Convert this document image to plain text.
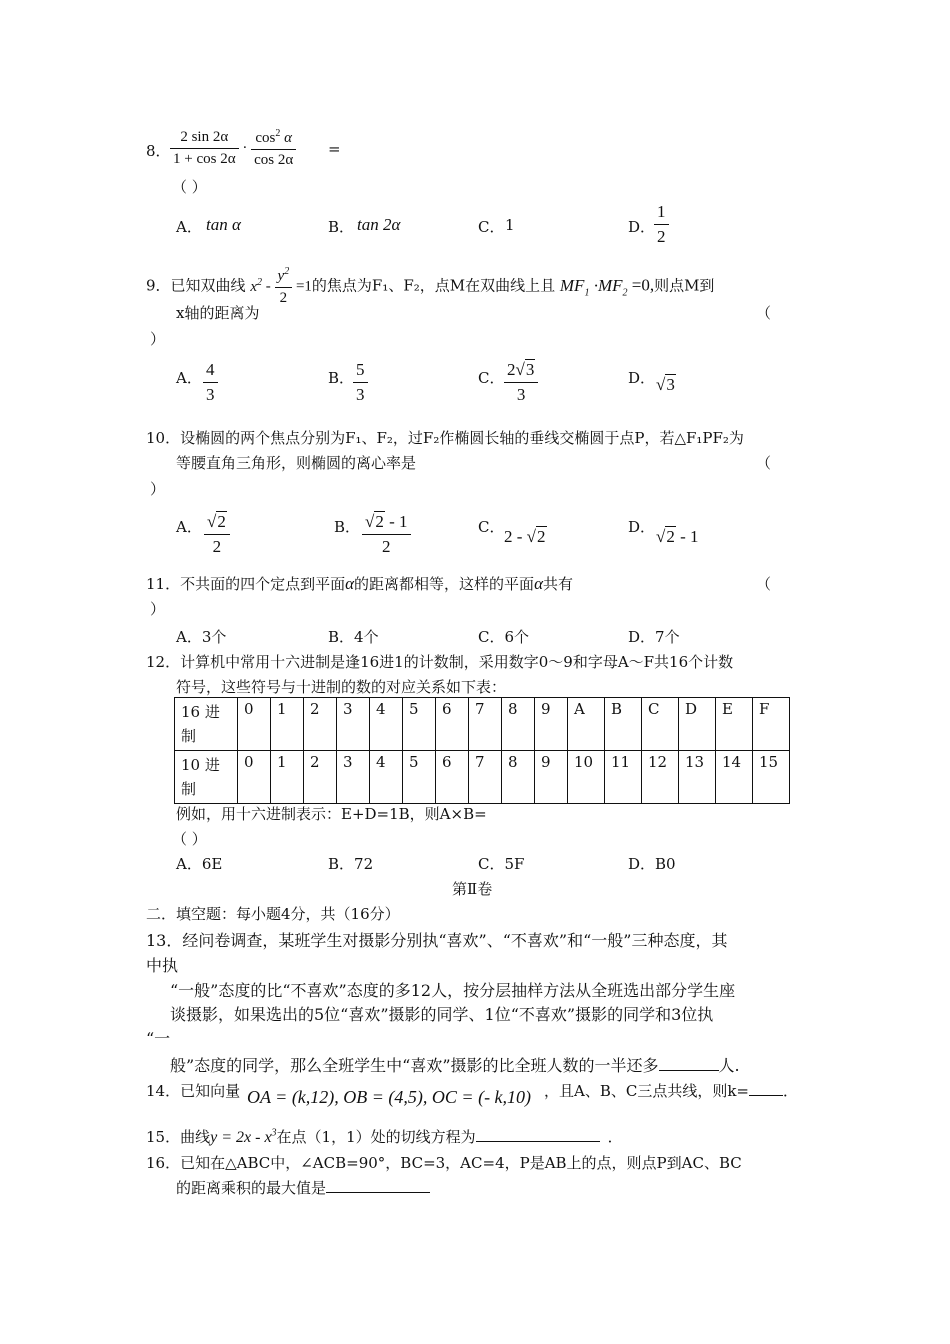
8． $\frac{2 \sin 2\alpha}{1 + \cos 2\alpha} \cdot \frac{\cos^2 \alpha}{\cos 2\alpha}$ =
（ ）
A． tan α	B． tan 2α	C． 1	D．
$\frac{1}{2}$
9．已知双曲线 $x^2 - \frac{y^2}{2} =1$的焦点为F₁、F₂，点M在双曲线上且 $MF_1 \cdot MF_2 =0$,则点M到
x轴的距离为	（
）
A． $\frac{4}{3}$	B．
$\frac{5}{3}$	C． $\frac{2√3}{3}$	D． √3
10．设椭圆的两个焦点分别为F₁、F₂，过F₂作椭圆长轴的垂线交椭圆于点P，若△F₁PF₂为
等腰直角三角形，则椭圆的离心率是	（
）
A． $\frac{√2}{2}$	B． $\frac{√2 - 1}{2}$	C． 2 - √2	D． √2 - 1
11．不共面的四个定点到平面α的距离都相等，这样的平面α共有	（
）
A．3个	B．4个	C．6个	D．7个
12．计算机中常用十六进制是逢16进1的计数制，采用数字0～9和字母A～F共16个计数
符号，这些符号与十进制的数的对应关系如下表：
16 进制	0	1	2	3	4	5	6	7	8	9	A	B	C	D	E	F
10 进制	0	1	2	3	4	5	6	7	8	9	10	11	12	13	14	15
例如，用十六进制表示：E+D=1B，则A×B=
（ ）
A．6E	B．72	C．5F	D．B0
第Ⅱ卷
二．填空题：每小题4分，共（16分）
13．经问卷调查，某班学生对摄影分别执“喜欢”、“不喜欢”和“一般”三种态度，其
中执
“一般”态度的比“不喜欢”态度的多12人，按分层抽样方法从全班选出部分学生座
谈摄影，如果选出的5位“喜欢”摄影的同学、1位“不喜欢”摄影的同学和3位执
“一
般”态度的同学，那么全班学生中“喜欢”摄影的比全班人数的一半还多	人.
14．已知向量 OA = (k,12), OB = (4,5), OC = (- k,10) ，且A、B、C三点共线，则k= ．
15．曲线$y = 2x - x^3$在点（1，1）处的切线方程为	．
16．已知在△ABC中，∠ACB=90°，BC=3，AC=4，P是AB上的点，则点P到AC、BC
的距离乘积的最大值是
